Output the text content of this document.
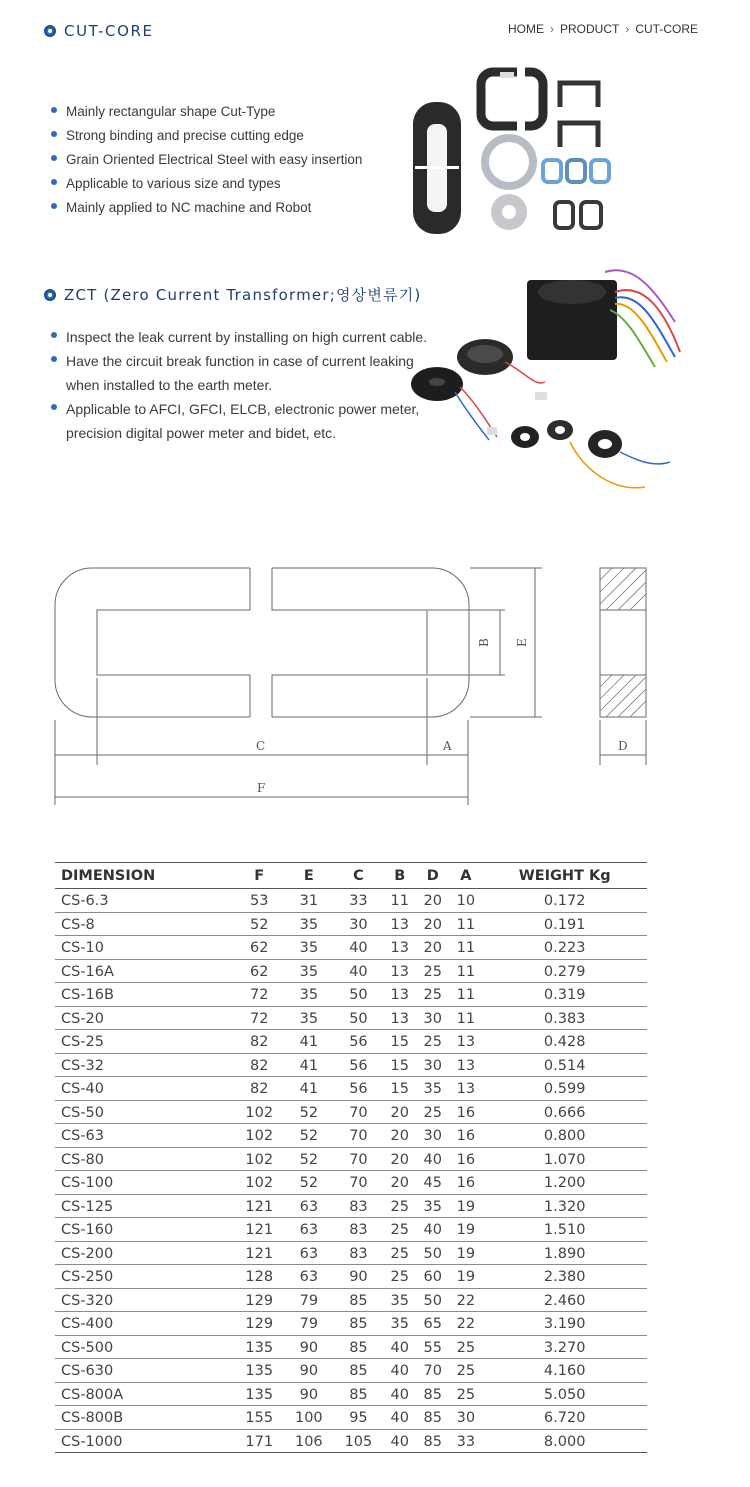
CUT-CORE	HOME › PRODUCT › CUT-CORE
Mainly rectangular shape Cut-Type
Strong binding and precise cutting edge
Grain Oriented Electrical Steel with easy insertion
Applicable to various size and types
Mainly applied to NC machine and Robot
ZCT (Zero Current Transformer;영상변류기)
Inspect the leak current by installing on high current cable.
Have the circuit break function in case of current leaking when installed to the earth meter.
Applicable to AFCI, GFCI, ELCB, electronic power meter, precision digital power meter and bidet, etc.
B E
C	A
F
D
DIMENSION	F	E	C	B	D	A	WEIGHT Kg
CS-6.3	53	31	33	11	20	10	0.172
CS-8	52	35	30	13	20	11	0.191
CS-10	62	35	40	13	20	11	0.223
CS-16A	62	35	40	13	25	11	0.279
CS-16B	72	35	50	13	25	11	0.319
CS-20	72	35	50	13	30	11	0.383
CS-25	82	41	56	15	25	13	0.428
CS-32	82	41	56	15	30	13	0.514
CS-40	82	41	56	15	35	13	0.599
CS-50	102	52	70	20	25	16	0.666
CS-63	102	52	70	20	30	16	0.800
CS-80	102	52	70	20	40	16	1.070
CS-100	102	52	70	20	45	16	1.200
CS-125	121	63	83	25	35	19	1.320
CS-160	121	63	83	25	40	19	1.510
CS-200	121	63	83	25	50	19	1.890
CS-250	128	63	90	25	60	19	2.380
CS-320	129	79	85	35	50	22	2.460
CS-400	129	79	85	35	65	22	3.190
CS-500	135	90	85	40	55	25	3.270
CS-630	135	90	85	40	70	25	4.160
CS-800A	135	90	85	40	85	25	5.050
CS-800B	155	100	95	40	85	30	6.720
CS-1000	171	106	105	40	85	33	8.000
